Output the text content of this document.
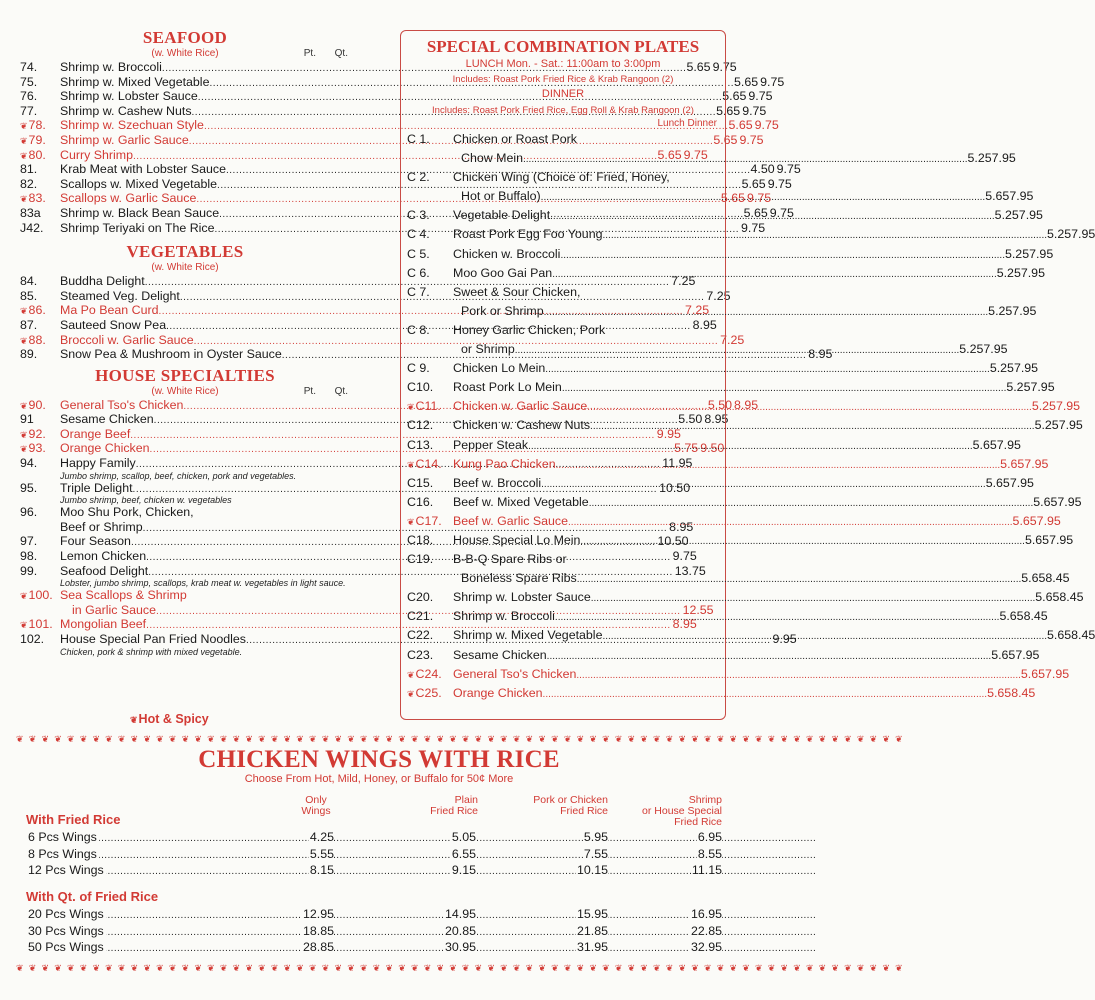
SEAFOOD
(w. White Rice)	Pt. Qt.
74.	Shrimp w. Broccoli .....	5.65 9.75
75.	Shrimp w. Mixed Vegetable .....	5.65 9.75
76.	Shrimp w. Lobster Sauce .....	5.65 9.75
77.	Shrimp w. Cashew Nuts .....	5.65 9.75
❦ 78.	Shrimp w. Szechuan Style .....	5.65 9.75
❦ 79.	Shrimp w. Garlic Sauce .....	5.65 9.75
❦ 80.	Curry Shrimp .....	5.65 9.75
81.	Krab Meat with Lobster Sauce .....	4.50 9.75
82.	Scallops w. Mixed Vegetable .....	5.65 9.75
❦ 83.	Scallops w. Garlic Sauce .....	5.65 9.75
83a	Shrimp w. Black Bean Sauce .....	5.65 9.75
J42.	Shrimp Teriyaki on The Rice .....	9.75
VEGETABLES
(w. White Rice)
84.	Buddha Delight .....	7.25
85.	Steamed Veg. Delight .....	7.25
❦ 86.	Ma Po Bean Curd .....	7.25
87.	Sauteed Snow Pea .....	8.95
❦ 88.	Broccoli w. Garlic Sauce .....	7.25
89.	Snow Pea & Mushroom in Oyster Sauce .....	8.95
HOUSE SPECIALTIES
(w. White Rice)	Pt. Qt.
❦ 90.	General Tso's Chicken .....	5.50 8.95
91	Sesame Chicken .....	5.50 8.95
❦ 92.	Orange Beef .....	9.95
❦ 93.	Orange Chicken .....	5.75 9.50
94.	Happy Family .....	11.95
Jumbo shrimp, scallop, beef, chicken, pork and vegetables.
95.	Triple Delight .....	10.50
Jumbo shrimp, beef, chicken w. vegetables
96.	Moo Shu Pork, Chicken,
Beef or Shrimp .....	8.95
97.	Four Season .....	10.50
98.	Lemon Chicken .....	9.75
99.	Seafood Delight .....	13.75
Lobster, jumbo shrimp, scallops, krab meat w. vegetables in light sauce.
❦ 100. Sea Scallops & Shrimp
in Garlic Sauce .....	12.55
❦ 101. Mongolian Beef .....	8.95
102.	House Special Pan Fried Noodles .....	9.95
Chicken, pork & shrimp with mixed vegetable.
❦ Hot & Spicy
SPECIAL COMBINATION PLATES
LUNCH Mon. - Sat.: 11:00am to 3:00pm
Includes: Roast Pork Fried Rice & Krab Rangoon (2)
DINNER
Includes: Roast Pork Fried Rice, Egg Roll & Krab Rangoon (2)
Lunch Dinner
C 1.	Chicken or Roast Pork
Chow Mein .....	5.25 7.95
C 2.	Chicken Wing (Choice of: Fried, Honey,
Hot or Buffalo) .....	5.65 7.95
C 3.	Vegetable Delight .....	5.25 7.95
C 4.	Roast Pork Egg Foo Young .....	5.25 7.95
C 5.	Chicken w. Broccoli .....	5.25 7.95
C 6.	Moo Goo Gai Pan .....	5.25 7.95
C 7.	Sweet & Sour Chicken,
Pork or Shrimp .....	5.25 7.95
C 8.	Honey Garlic Chicken, Pork
or Shrimp .....	5.25 7.95
C 9.	Chicken Lo Mein .....	5.25 7.95
C10.	Roast Pork Lo Mein .....	5.25 7.95
❦ C11. Chicken w. Garlic Sauce .....	5.25 7.95
C12.	Chicken w. Cashew Nuts .....	5.25 7.95
C13.	Pepper Steak .....	5.65 7.95
❦ C14. Kung Pao Chicken .....	5.65 7.95
C15.	Beef w. Broccoli .....	5.65 7.95
C16.	Beef w. Mixed Vegetable .....	5.65 7.95
❦ C17. Beef w. Garlic Sauce .....	5.65 7.95
C18.	House Special Lo Mein .....	5.65 7.95
C19.	B-B-Q Spare Ribs or
Boneless Spare Ribs .....	5.65 8.45
C20.	Shrimp w. Lobster Sauce .....	5.65 8.45
C21.	Shrimp w. Broccoli .....	5.65 8.45
C22.	Shrimp w. Mixed Vegetable .....	5.65 8.45
C23.	Sesame Chicken .....	5.65 7.95
❦ C24. General Tso's Chicken .....	5.65 7.95
❦ C25. Orange Chicken .....	5.65 8.45
❦❦❦❦❦❦❦❦❦❦❦❦❦❦❦❦❦❦❦❦❦❦❦❦❦❦❦❦❦❦❦❦❦❦❦❦❦❦❦❦❦❦❦❦❦❦❦❦❦❦❦❦❦❦❦❦❦❦❦❦❦❦❦❦❦❦❦❦❦❦
CHICKEN WINGS WITH RICE
Choose From Hot, Mild, Honey, or Buffalo for 50¢ More
Only
Wings
Plain
Fried Rice
Pork or Chicken
Fried Rice
Shrimp
or House Special
Fried Rice
With Fried Rice
.....
6 Pcs Wings	4.25	5.05	5.95	6.95
.....
8 Pcs Wings	5.55	6.55	7.55	8.55
.....
12 Pcs Wings	8.15	9.15	10.15	11.15
With Qt. of Fried Rice
.....
20 Pcs Wings	12.95	14.95	15.95	16.95
.....
30 Pcs Wings	18.85	20.85	21.85	22.85
.....
50 Pcs Wings	28.85	30.95	31.95	32.95
❦❦❦❦❦❦❦❦❦❦❦❦❦❦❦❦❦❦❦❦❦❦❦❦❦❦❦❦❦❦❦❦❦❦❦❦❦❦❦❦❦❦❦❦❦❦❦❦❦❦❦❦❦❦❦❦❦❦❦❦❦❦❦❦❦❦❦❦❦❦
